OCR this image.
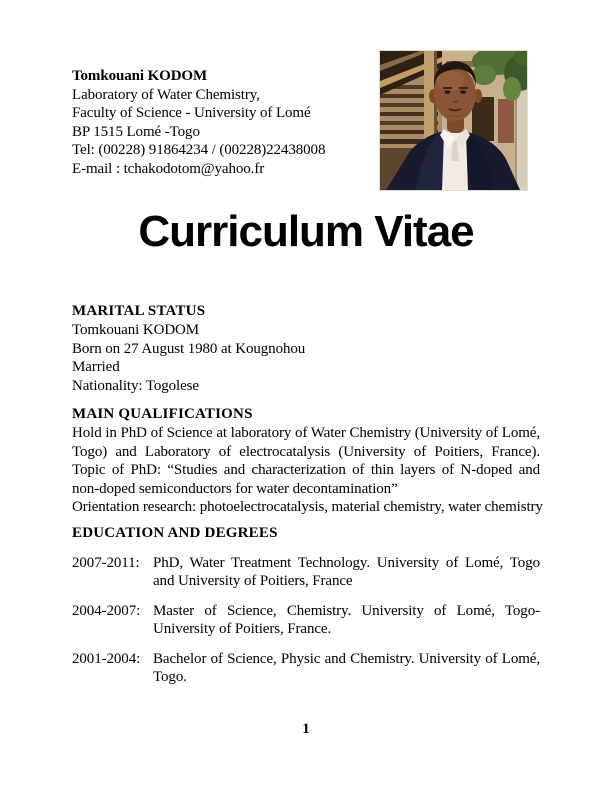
Tomkouani KODOM
Laboratory of Water Chemistry,
Faculty of Science - University of Lomé
BP 1515 Lomé -Togo
Tel: (00228) 91864234 / (00228)22438008
E-mail : tchakodotom@yahoo.fr
Curriculum Vitae
MARITAL STATUS
Tomkouani KODOM
Born on 27 August 1980 at Kougnohou
Married
Nationality: Togolese
MAIN QUALIFICATIONS

Hold in PhD of Science at laboratory of Water Chemistry (University of Lomé, Togo) and Laboratory of electrocatalysis (University of Poitiers, France). Topic of PhD: “Studies and characterization of thin layers of N-doped and non-doped semiconductors for water decontamination”

Orientation research: photoelectrocatalysis, material chemistry, water chemistry
EDUCATION AND DEGREES
2007-2011: PhD, Water Treatment Technology. University of Lomé, Togo and University of Poitiers, France
2004-2007: Master of Science, Chemistry. University of Lomé, Togo- University of Poitiers, France.
2001-2004: Bachelor of Science, Physic and Chemistry. University of Lomé, Togo.
1
